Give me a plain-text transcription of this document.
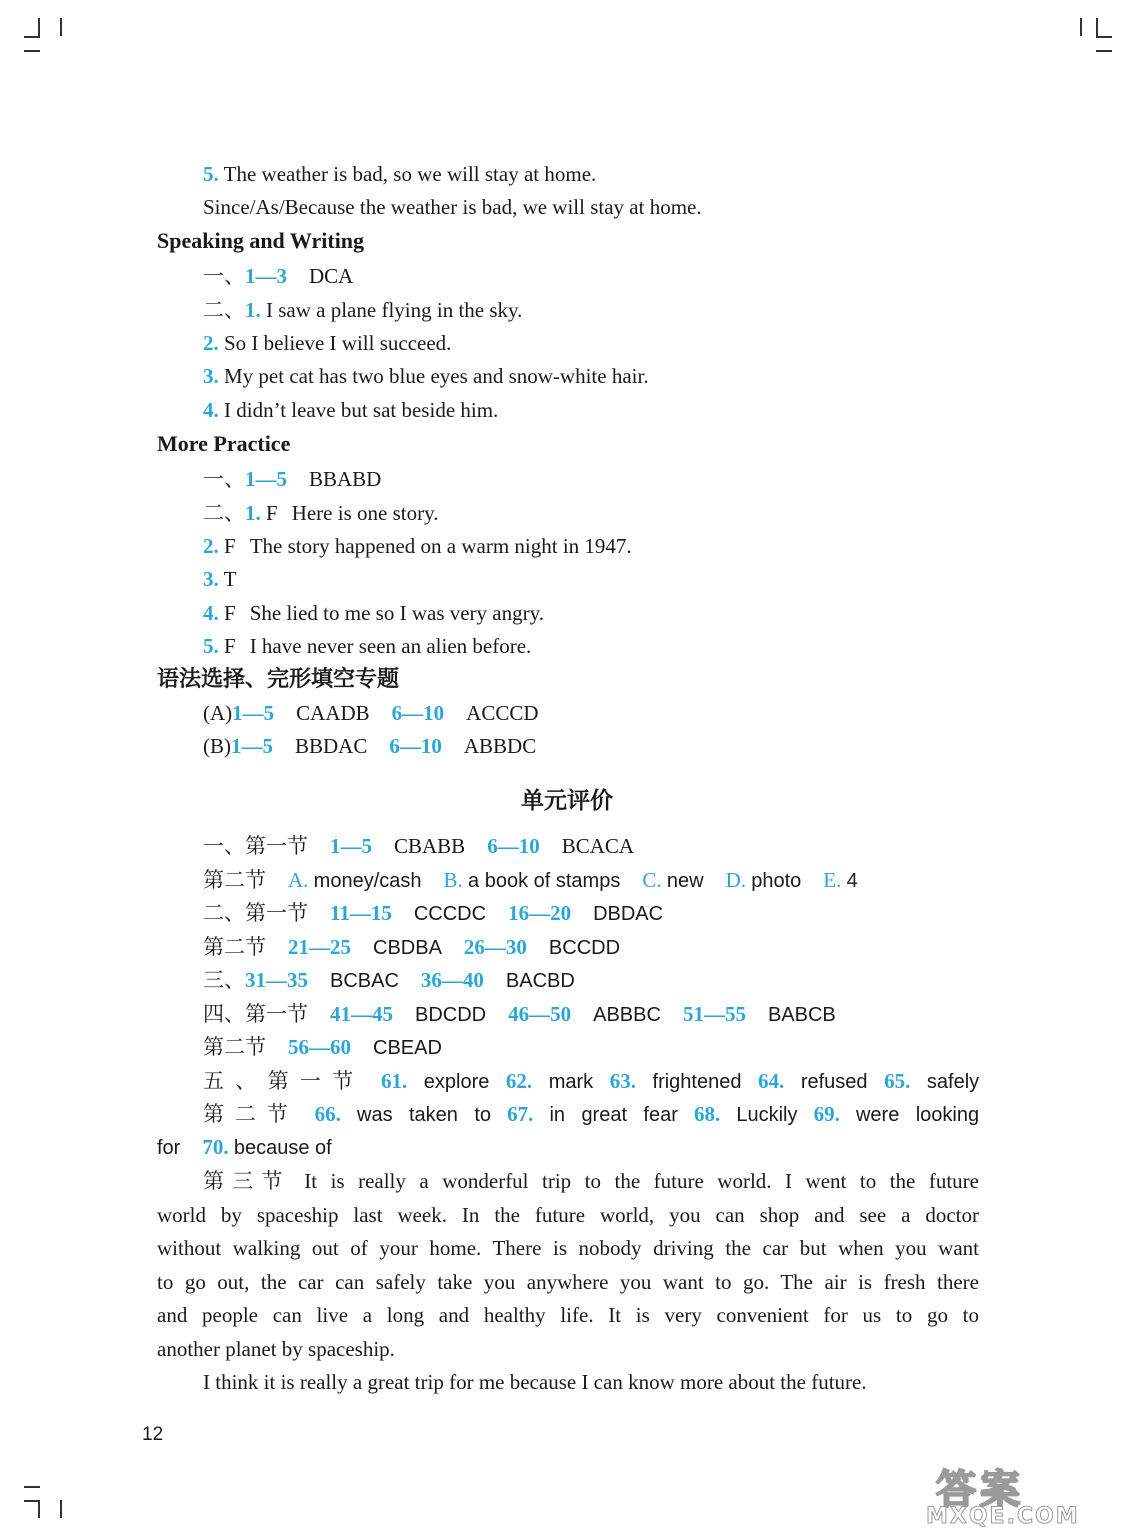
5. The weather is bad, so we will stay at home.
Since/As/Because the weather is bad, we will stay at home.
Speaking and Writing
一、1—3 DCA
二、1. I saw a plane flying in the sky.
2. So I believe I will succeed.
3. My pet cat has two blue eyes and snow-white hair.
4. I didn’t leave but sat beside him.
More Practice
一、1—5 BBABD
二、1. F Here is one story.
2. F The story happened on a warm night in 1947.
3. T
4. F She lied to me so I was very angry.
5. F I have never seen an alien before.
语法选择、完形填空专题
(A)1—5 CAADB 6—10 ACCCD
(B)1—5 BBDAC 6—10 ABBDC
单元评价
一、第一节 1—5 CBABB 6—10 BCACA
第二节 A. money/cash B. a book of stamps C. new D. photo E. 4
二、第一节 11—15 CCCDC 16—20 DBDAC
第二节 21—25 CBDBA 26—30 BCCDD
三、31—35 BCBAC 36—40 BACBD
四、第一节 41—45 BDCDD 46—50 ABBBC 51—55 BABCB
第二节 56—60 CBEAD
五、第一节 61. explore 62. mark 63. frightened 64. refused 65. safely
第二节 66. was taken to 67. in great fear 68. Luckily 69. were looking
for 70. because of
第三节 It is really a wonderful trip to the future world. I went to the future
world by spaceship last week. In the future world, you can shop and see a doctor
without walking out of your home. There is nobody driving the car but when you want
to go out, the car can safely take you anywhere you want to go. The air is fresh there
and people can live a long and healthy life. It is very convenient for us to go to
another planet by spaceship.
I think it is really a great trip for me because I can know more about the future.
12
答案
MXQE.COM
